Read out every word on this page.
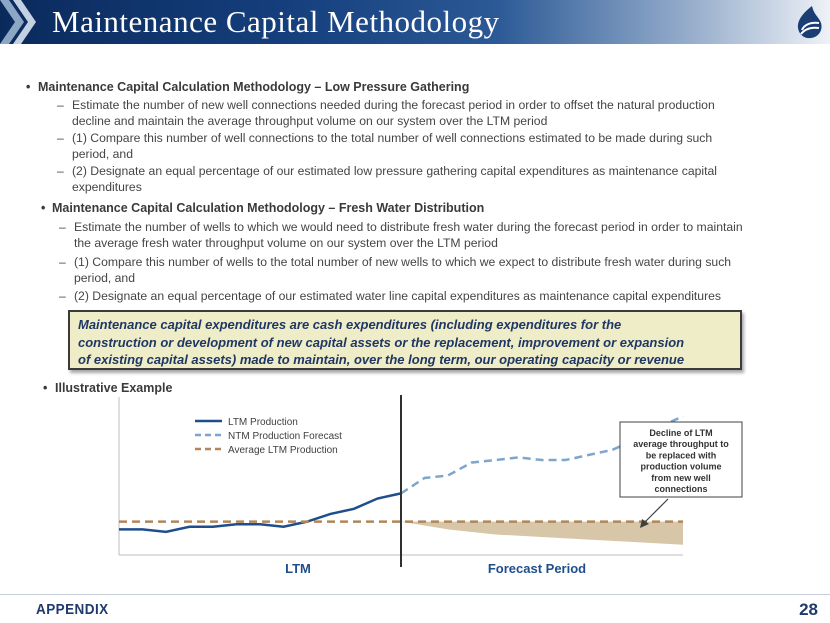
Maintenance Capital Methodology
• Maintenance Capital Calculation Methodology – Low Pressure Gathering
– Estimate the number of new well connections needed during the forecast period in order to offset the natural production
decline and maintain the average throughput volume on our system over the LTM period
– (1) Compare this number of well connections to the total number of well connections estimated to be made during such
period, and
– (2) Designate an equal percentage of our estimated low pressure gathering capital expenditures as maintenance capital
expenditures
• Maintenance Capital Calculation Methodology – Fresh Water Distribution
– Estimate the number of wells to which we would need to distribute fresh water during the forecast period in order to maintain
the average fresh water throughput volume on our system over the LTM period
– (1) Compare this number of wells to the total number of new wells to which we expect to distribute fresh water during such
period, and
– (2) Designate an equal percentage of our estimated water line capital expenditures as maintenance capital expenditures
Maintenance capital expenditures are cash expenditures (including expenditures for the
construction or development of new capital assets or the replacement, improvement or expansion
of existing capital assets) made to maintain, over the long term, our operating capacity or revenue
• Illustrative Example
LTM Production
NTM Production Forecast
Average LTM Production
LTM	Forecast Period
Decline of LTM
average throughput to
be replaced with
production volume
from new well
connections
APPENDIX	28
